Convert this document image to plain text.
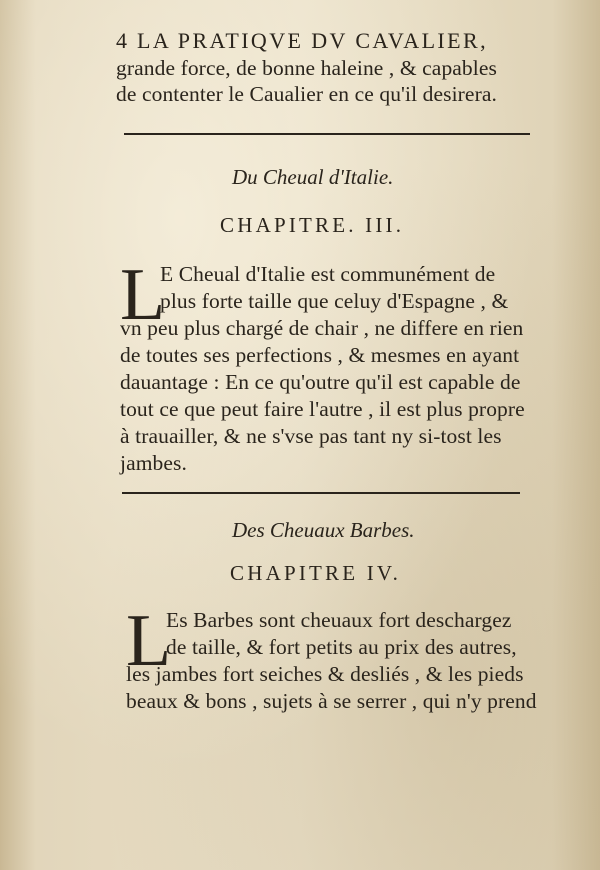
4 LA PRATIQVE DV CAVALIER,
grande force, de bonne haleine , & capables
de contenter le Caualier en ce qu'il desirera.
Du Cheual d'Italie.
CHAPITRE. III.
L
E Cheual d'Italie est communément de
plus forte taille que celuy d'Espagne , &
vn peu plus chargé de chair , ne differe en rien
de toutes ses perfections , & mesmes en ayant
dauantage : En ce qu'outre qu'il est capable de
tout ce que peut faire l'autre , il est plus propre
à trauailler, & ne s'vse pas tant ny si-tost les
jambes.
Des Cheuaux Barbes.
CHAPITRE IV.
L
Es Barbes sont cheuaux fort deschargez
de taille, & fort petits au prix des autres,
les jambes fort seiches & desliés , & les pieds
beaux & bons , sujets à se serrer , qui n'y prend
